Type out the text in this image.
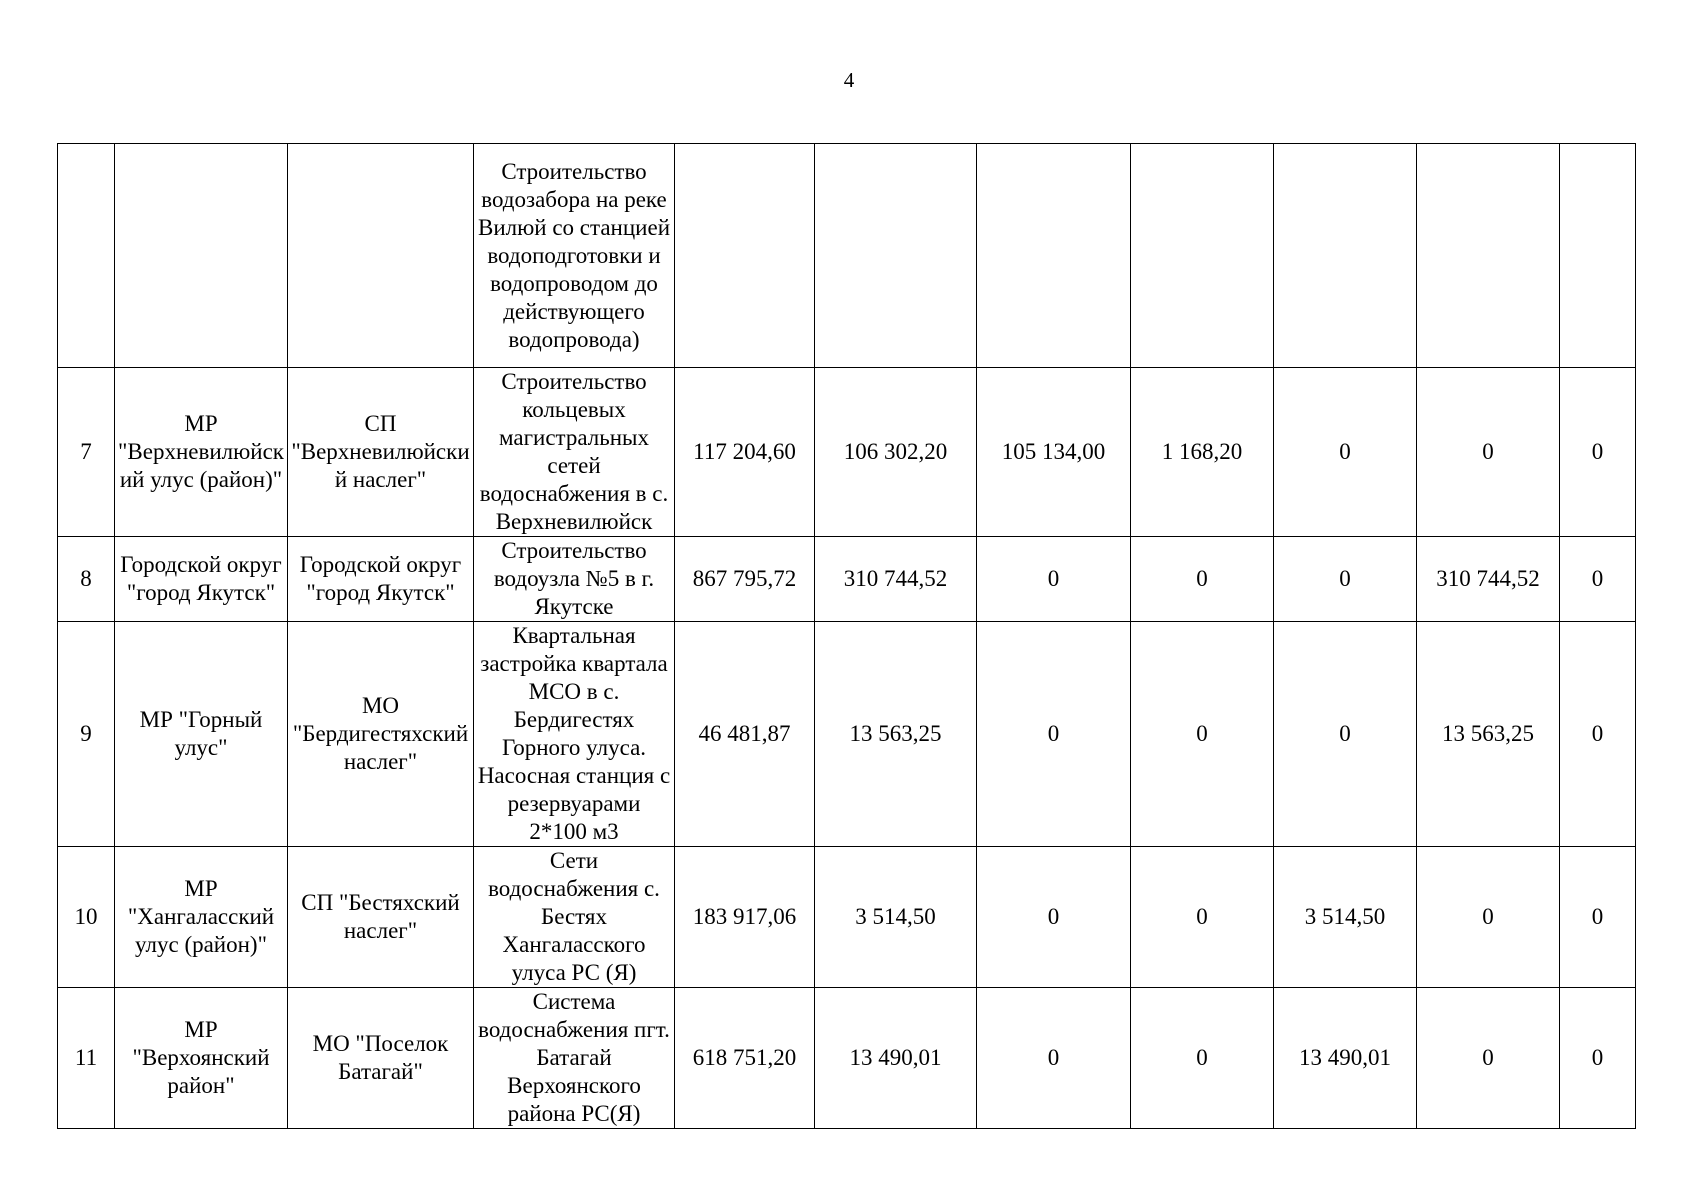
4
			Строительство водозабора на реке Вилюй со станцией водоподготовки и водопроводом до действующего водопровода)							
7	МР "Верхневилюйский улус (район)"	СП "Верхневилюйский наслег"	Строительство кольцевых магистральных сетей водоснабжения в с. Верхневилюйск	117 204,60	106 302,20	105 134,00	1 168,20	0	0	0
8	Городской округ "город Якутск"	Городской округ "город Якутск"	Строительство водоузла №5 в г. Якутске	867 795,72	310 744,52	0	0	0	310 744,52	0
9	МР "Горный улус"	МО "Бердигестяхский наслег"	Квартальная застройка квартала МСО в с. Бердигестях Горного улуса. Насосная станция с резервуарами 2*100 м3	46 481,87	13 563,25	0	0	0	13 563,25	0
10	МР "Хангаласский улус (район)"	СП "Бестяхский наслег"	Сети водоснабжения с. Бестях Хангаласского улуса РС (Я)	183 917,06	3 514,50	0	0	3 514,50	0	0
11	МР "Верхоянский район"	МО "Поселок Батагай"	Система водоснабжения пгт. Батагай Верхоянского района РС(Я)	618 751,20	13 490,01	0	0	13 490,01	0	0
